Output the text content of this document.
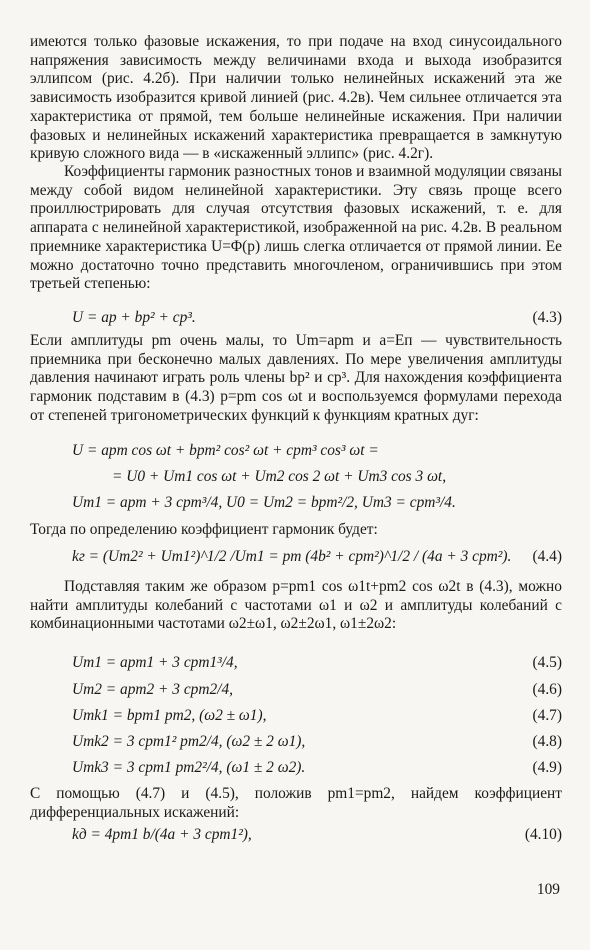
имеются только фазовые искажения, то при подаче на вход синусоидального напряжения зависимость между величинами входа и выхода изобразится эллипсом (рис. 4.2б). При наличии только нелинейных искажений эта же зависимость изобразится кривой линией (рис. 4.2в). Чем сильнее отличается эта характеристика от прямой, тем больше нелинейные искажения. При наличии фазовых и нелинейных искажений характеристика превращается в замкнутую кривую сложного вида — в «искаженный эллипс» (рис. 4.2г).

Коэффициенты гармоник разностных тонов и взаимной модуляции связаны между собой видом нелинейной характеристики. Эту связь проще всего проиллюстрировать для случая отсутствия фазовых искажений, т. е. для аппарата с нелинейной характеристикой, изображенной на рис. 4.2в. В реальном приемнике характеристика U=Φ(p) лишь слегка отличается от прямой линии. Ее можно достаточно точно представить многочленом, ограничившись при этом третьей степенью:

U = ap + bp² + cp³.	(4.3)

Если амплитуды pm очень малы, то Um=apm и a=Eп — чувствительность приемника при бесконечно малых давлениях. По мере увеличения амплитуды давления начинают играть роль члены bp² и cp³. Для нахождения коэффициента гармоник подставим в (4.3) p=pm cos ωt и воспользуемся формулами перехода от степеней тригонометрических функций к функциям кратных дуг:

U = apm cos ωt + bpm² cos² ωt + cpm³ cos³ ωt =
= U0 + Um1 cos ωt + Um2 cos 2 ωt + Um3 cos 3 ωt,
Um1 = apm + 3 cpm³/4, U0 = Um2 = bpm²/2, Um3 = cpm³/4.

Тогда по определению коэффициент гармоник будет:

kг = (Um2² + Um1²)^1/2 /Um1 = pm (4b² + cpm²)^1/2 / (4a + 3 cpm²). (4.4)

Подставляя таким же образом p=pm1 cos ω1t+pm2 cos ω2t в (4.3), можно найти амплитуды колебаний с частотами ω1 и ω2 и амплитуды колебаний с комбинационными частотами ω2±ω1, ω2±2ω1, ω1±2ω2:

Um1 = apm1 + 3 cpm1³/4,	(4.5)
Um2 = apm2 + 3 cpm2/4,	(4.6)
Umk1 = bpm1 pm2, (ω2 ± ω1),	(4.7)
Umk2 = 3 cpm1² pm2/4, (ω2 ± 2 ω1),	(4.8)
Umk3 = 3 cpm1 pm2²/4, (ω1 ± 2 ω2).	(4.9)

С помощью (4.7) и (4.5), положив pm1=pm2, найдем коэффициент дифференциальных искажений:

kд = 4pm1 b/(4a + 3 cpm1²),	(4.10)
109
